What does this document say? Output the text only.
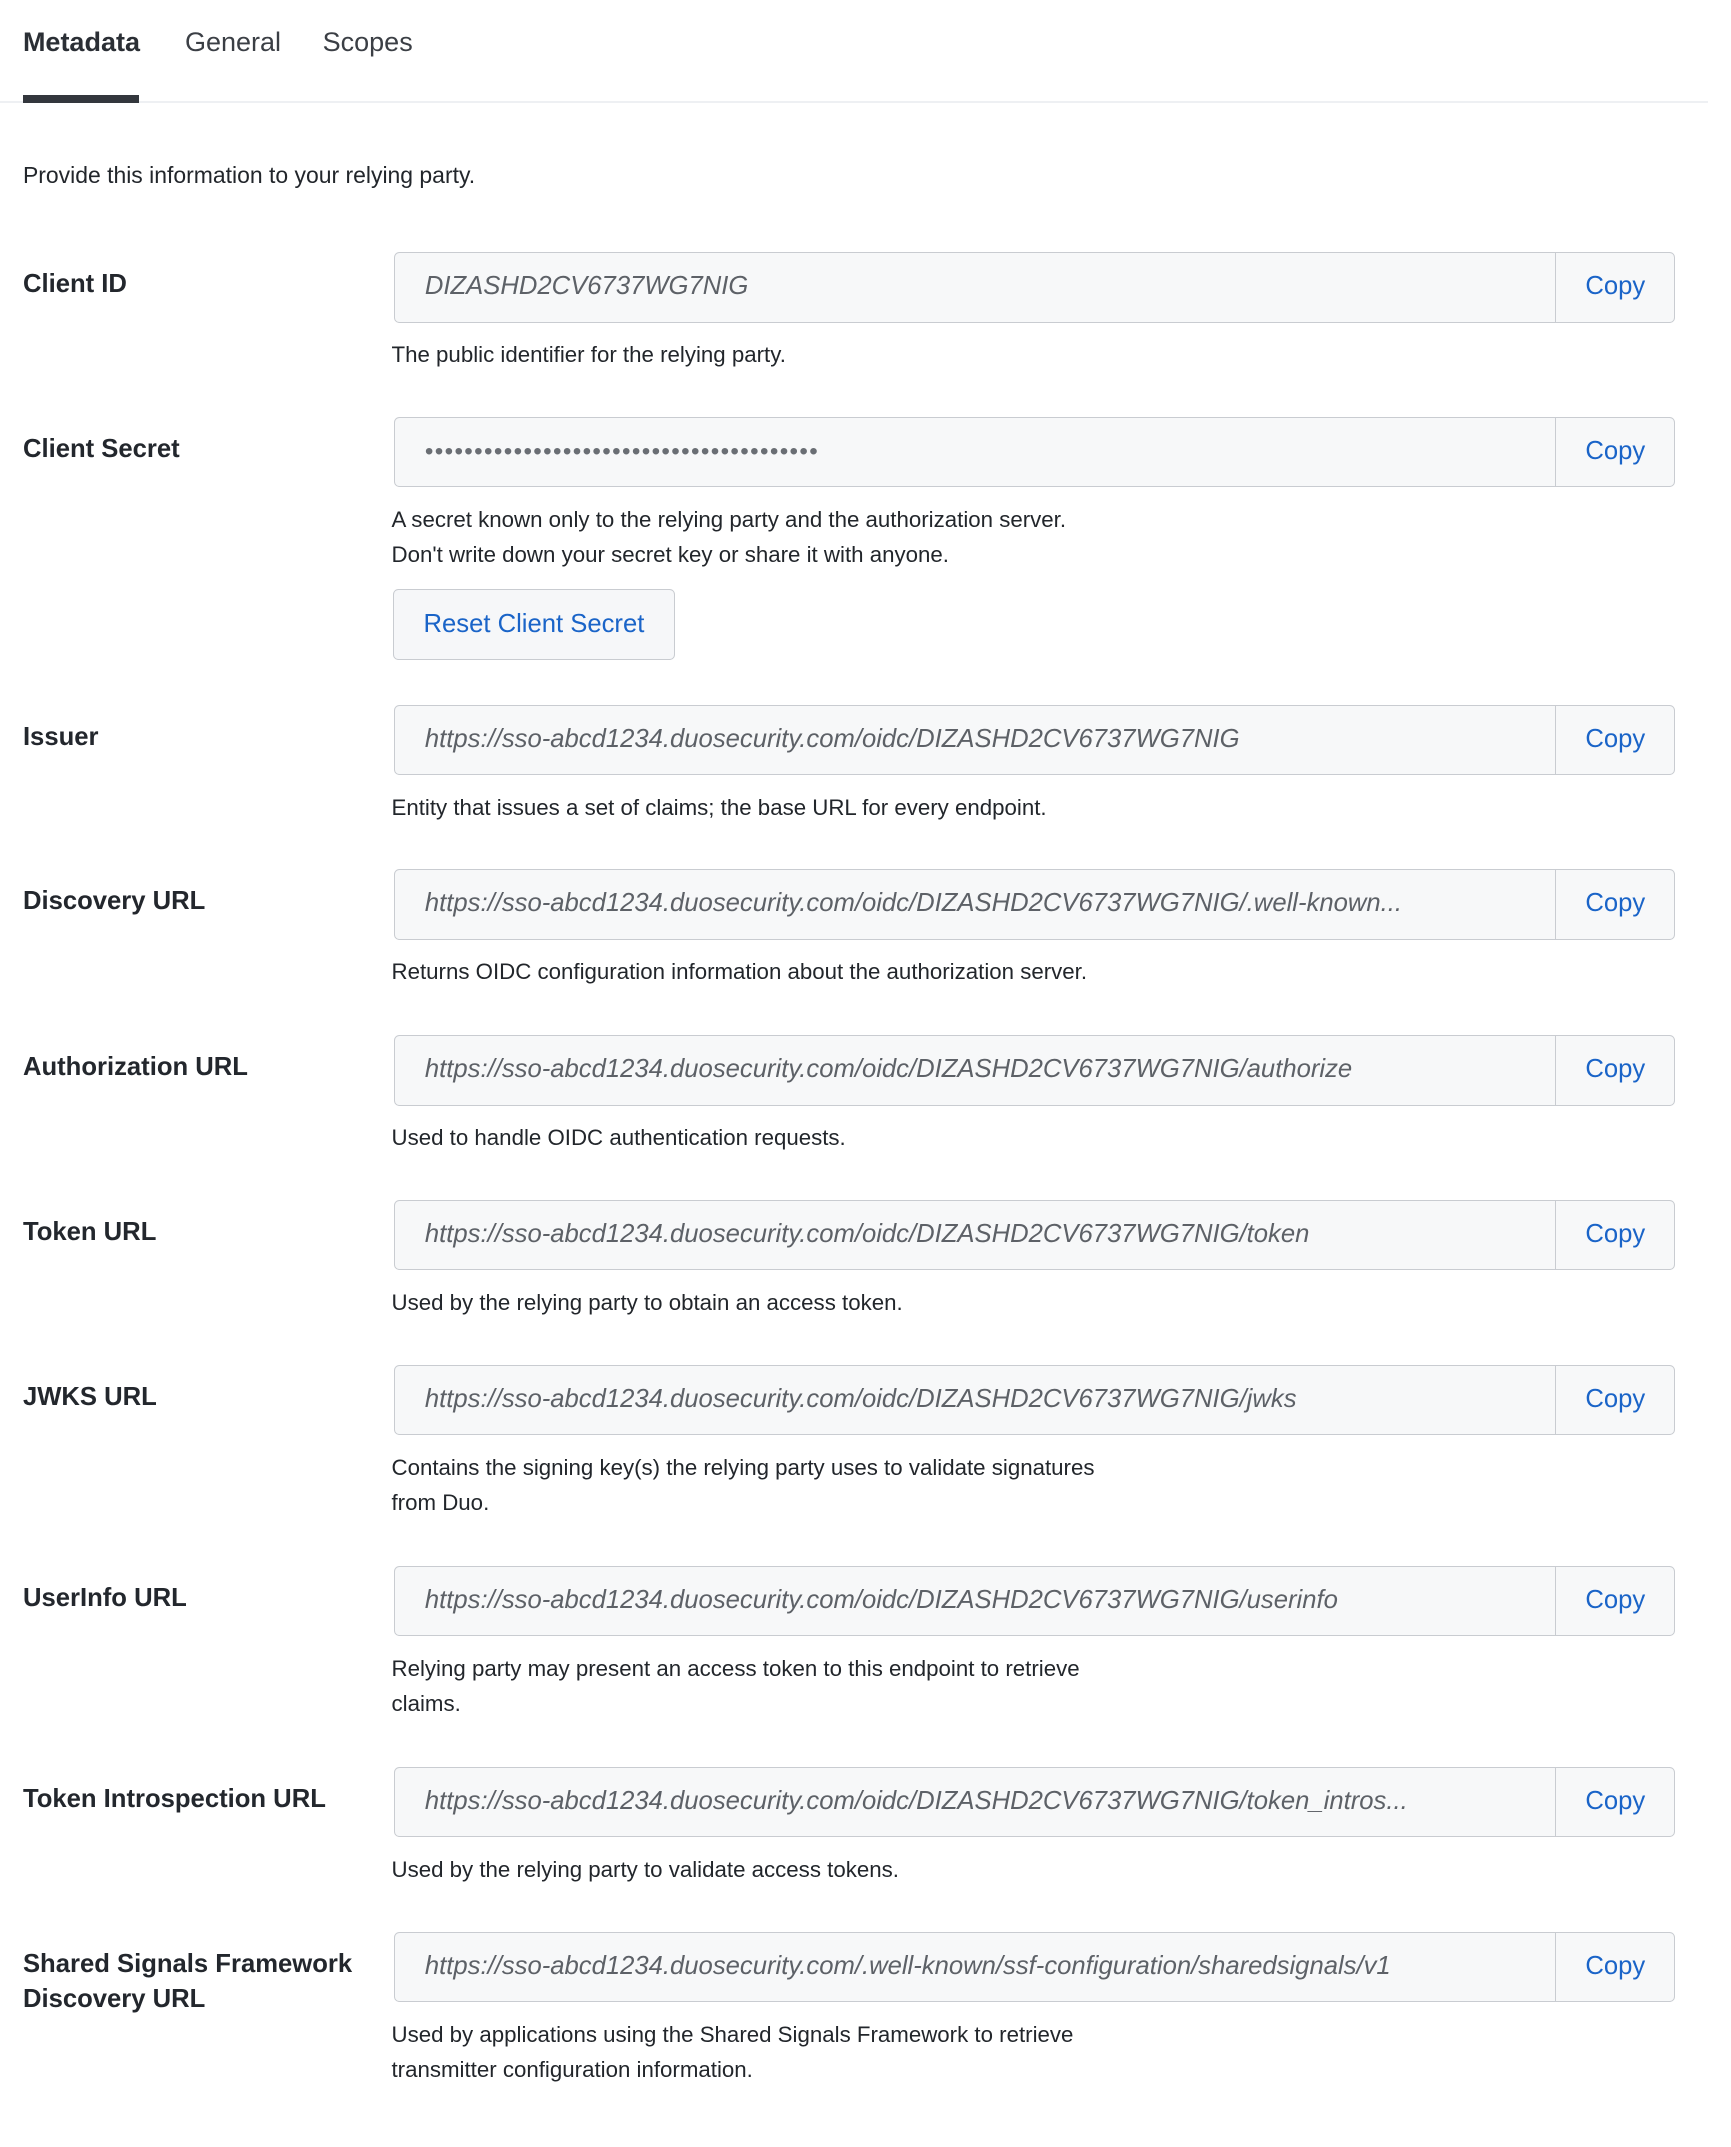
Metadata General Scopes
Provide this information to your relying party.
Client ID	DIZASHD2CV6737WG7NIG	Copy
The public identifier for the relying party.
Client Secret	••••••••••••••••••••••••••••••••••••••••	Copy
A secret known only to the relying party and the authorization server.
Don't write down your secret key or share it with anyone.
Reset Client Secret
Issuer	https://sso-abcd1234.duosecurity.com/oidc/DIZASHD2CV6737WG7NIG	Copy
Entity that issues a set of claims; the base URL for every endpoint.
Discovery URL	https://sso-abcd1234.duosecurity.com/oidc/DIZASHD2CV6737WG7NIG/.well-known...	Copy
Returns OIDC configuration information about the authorization server.
Authorization URL	https://sso-abcd1234.duosecurity.com/oidc/DIZASHD2CV6737WG7NIG/authorize	Copy
Used to handle OIDC authentication requests.
Token URL	https://sso-abcd1234.duosecurity.com/oidc/DIZASHD2CV6737WG7NIG/token	Copy
Used by the relying party to obtain an access token.
JWKS URL	https://sso-abcd1234.duosecurity.com/oidc/DIZASHD2CV6737WG7NIG/jwks	Copy
Contains the signing key(s) the relying party uses to validate signatures
from Duo.
UserInfo URL	https://sso-abcd1234.duosecurity.com/oidc/DIZASHD2CV6737WG7NIG/userinfo	Copy
Relying party may present an access token to this endpoint to retrieve
claims.
Token Introspection URL	https://sso-abcd1234.duosecurity.com/oidc/DIZASHD2CV6737WG7NIG/token_intros...	Copy
Used by the relying party to validate access tokens.
Shared Signals Framework Discovery URL
https://sso-abcd1234.duosecurity.com/.well-known/ssf-configuration/sharedsignals/v1	Copy
Used by applications using the Shared Signals Framework to retrieve
transmitter configuration information.
